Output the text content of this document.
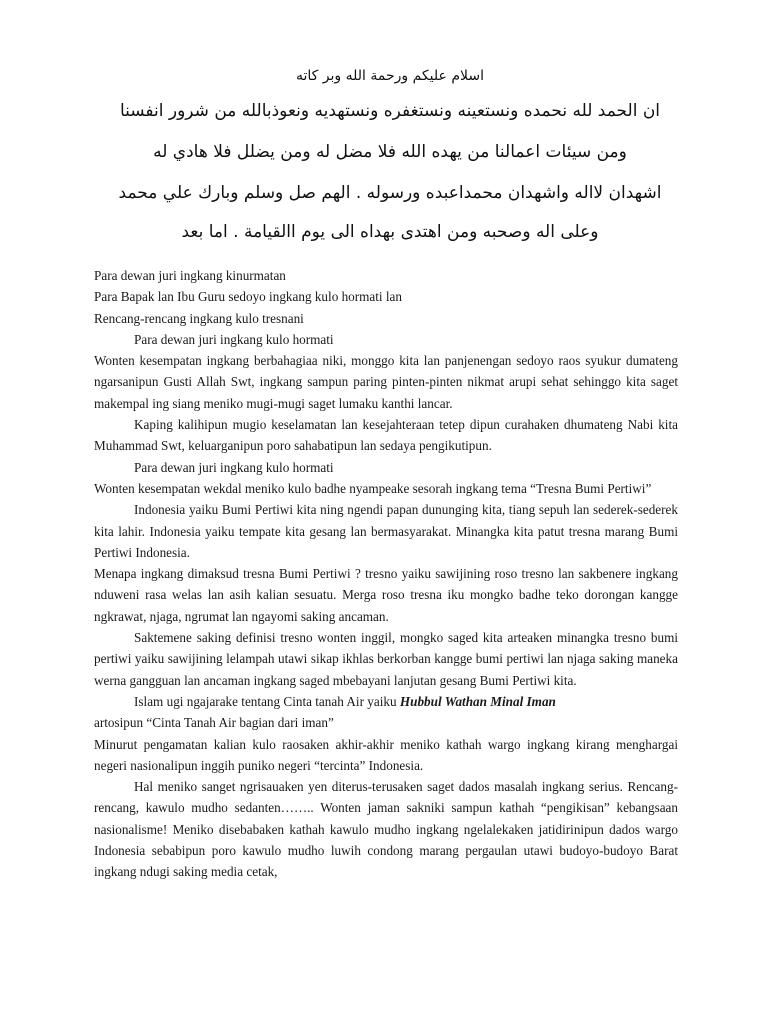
اسلام عليكم ورحمة الله وبر كاته
ان الحمد لله نحمده ونستعينه ونستغفره ونستهديه ونعوذبالله من شرور انفسنا
ومن سيئات اعمالنا من يهده الله فلا مضل له ومن يضلل فلا هادي له
اشهدان لااله واشهدان محمداعبده ورسوله . الهم صل وسلم وبارك علي محمد
وعلى اله وصحبه ومن اهتدى بهداه الى يوم االقيامة . اما بعد

Para dewan juri ingkang kinurmatan

Para Bapak lan Ibu Guru sedoyo ingkang kulo hormati lan

Rencang-rencang ingkang kulo tresnani

Para dewan juri ingkang kulo hormati

Wonten kesempatan ingkang berbahagiaa niki, monggo kita lan panjenengan sedoyo raos syukur dumateng ngarsanipun Gusti Allah Swt, ingkang sampun paring pinten-pinten nikmat arupi sehat sehinggo kita saget makempal ing siang meniko mugi-mugi saget lumaku kanthi lancar.

Kaping kalihipun mugio keselamatan lan kesejahteraan tetep dipun curahaken dhumateng Nabi kita Muhammad Swt, keluarganipun poro sahabatipun lan sedaya pengikutipun.

Para dewan juri ingkang kulo hormati

Wonten kesempatan wekdal meniko kulo badhe nyampeake sesorah ingkang tema “Tresna Bumi Pertiwi”

Indonesia yaiku Bumi Pertiwi kita ning ngendi papan dununging kita, tiang sepuh lan sederek-sederek kita lahir. Indonesia yaiku tempate kita gesang lan bermasyarakat. Minangka kita patut tresna marang Bumi Pertiwi Indonesia.

Menapa ingkang dimaksud tresna Bumi Pertiwi ? tresno yaiku sawijining roso tresno lan sakbenere ingkang nduweni rasa welas lan asih kalian sesuatu. Merga roso tresna iku mongko badhe teko dorongan kangge ngkrawat, njaga, ngrumat lan ngayomi saking ancaman.

Saktemene saking definisi tresno wonten inggil, mongko saged kita arteaken minangka tresno bumi pertiwi yaiku sawijining lelampah utawi sikap ikhlas berkorban kangge bumi pertiwi lan njaga saking maneka werna gangguan lan ancaman ingkang saged mbebayani lanjutan gesang Bumi Pertiwi kita.

Islam ugi ngajarake tentang Cinta tanah Air yaiku Hubbul Wathan Minal Iman

artosipun “Cinta Tanah Air bagian dari iman”

Minurut pengamatan kalian kulo raosaken akhir-akhir meniko kathah wargo ingkang kirang menghargai negeri nasionalipun inggih puniko negeri “tercinta” Indonesia.

Hal meniko sanget ngrisauaken yen diterus-terusaken saget dados masalah ingkang serius. Rencang-rencang, kawulo mudho sedanten…….. Wonten jaman sakniki sampun kathah “pengikisan” kebangsaan nasionalisme! Meniko disebabaken kathah kawulo mudho ingkang ngelalekaken jatidirinipun dados wargo Indonesia sebabipun poro kawulo mudho luwih condong marang pergaulan utawi budoyo-budoyo Barat ingkang ndugi saking media cetak,
